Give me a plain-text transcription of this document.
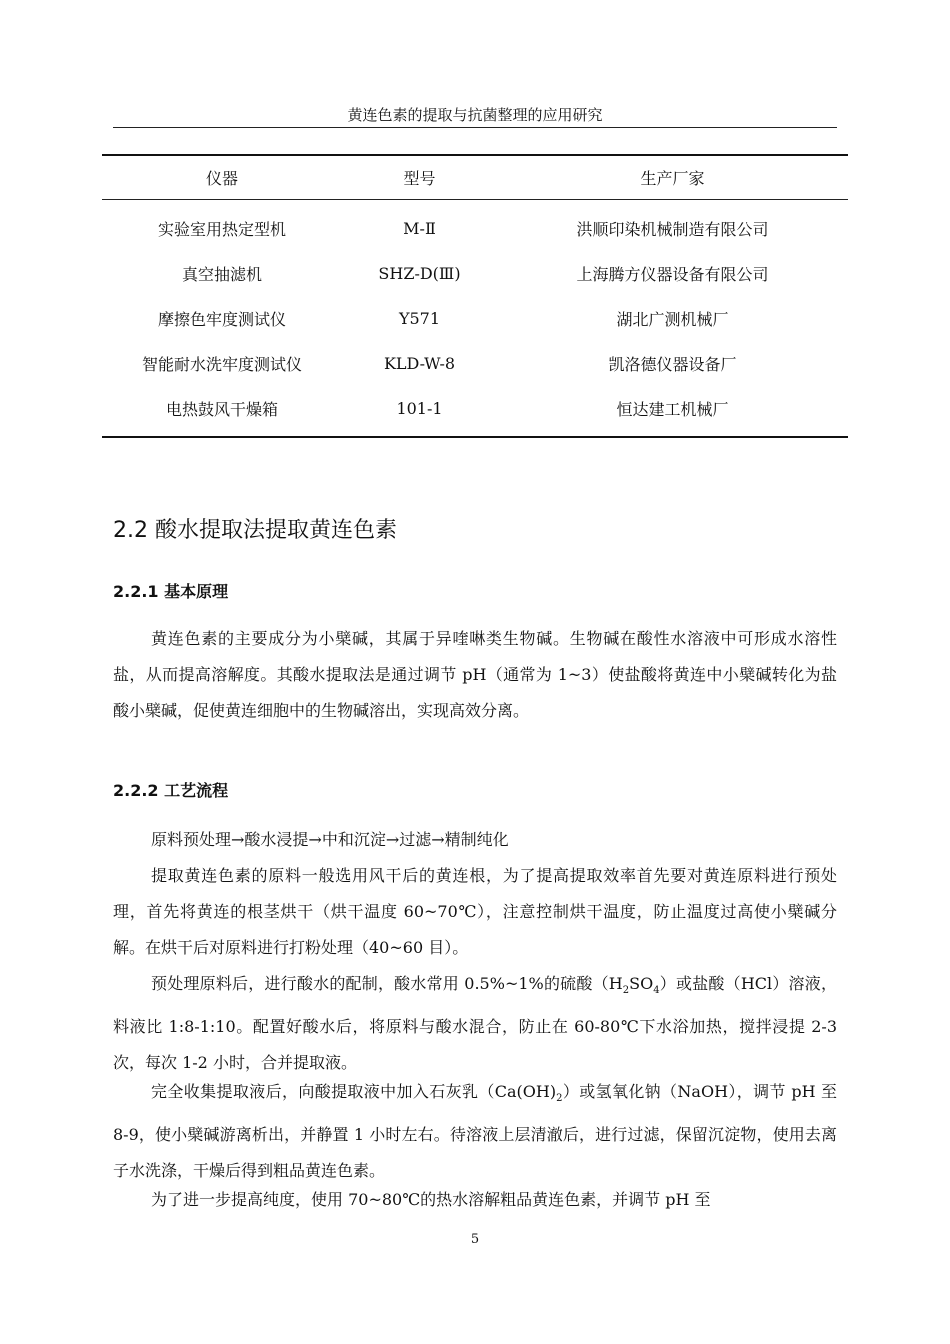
黄连色素的提取与抗菌整理的应用研究
仪器	型号	生产厂家
实验室用热定型机	M-Ⅱ	洪顺印染机械制造有限公司
真空抽滤机	SHZ-D(Ⅲ)	上海腾方仪器设备有限公司
摩擦色牢度测试仪	Y571	湖北广测机械厂
智能耐水洗牢度测试仪	KLD-W-8	凯洛德仪器设备厂
电热鼓风干燥箱	101-1	恒达建工机械厂
2.2 酸水提取法提取黄连色素
2.2.1 基本原理

黄连色素的主要成分为小檗碱，其属于异喹啉类生物碱。生物碱在酸性水溶液中可形成水溶性盐，从而提高溶解度。其酸水提取法是通过调节 pH（通常为 1~3）使盐酸将黄连中小檗碱转化为盐酸小檗碱，促使黄连细胞中的生物碱溶出，实现高效分离。

2.2.2 工艺流程

原料预处理→酸水浸提→中和沉淀→过滤→精制纯化

提取黄连色素的原料一般选用风干后的黄连根，为了提高提取效率首先要对黄连原料进行预处理，首先将黄连的根茎烘干（烘干温度 60~70℃），注意控制烘干温度，防止温度过高使小檗碱分解。在烘干后对原料进行打粉处理（40~60 目）。

预处理原料后，进行酸水的配制，酸水常用 0.5%~1%的硫酸$(H_2SO_4)$或盐酸（HCl）溶液，料液比 1:8-1:10。配置好酸水后，将原料与酸水混合，防止在 60-80℃下水浴加热，搅拌浸提 2-3 次，每次 1-2 小时，合并提取液。

完全收集提取液后，向酸提取液中加入石灰乳$(Ca(OH)_2)$或氢氧化钠（NaOH），调节 pH 至 8-9，使小檗碱游离析出，并静置 1 小时左右。待溶液上层清澈后，进行过滤，保留沉淀物，使用去离子水洗涤，干燥后得到粗品黄连色素。

为了进一步提高纯度，使用 70~80℃的热水溶解粗品黄连色素，并调节 pH 至

5
